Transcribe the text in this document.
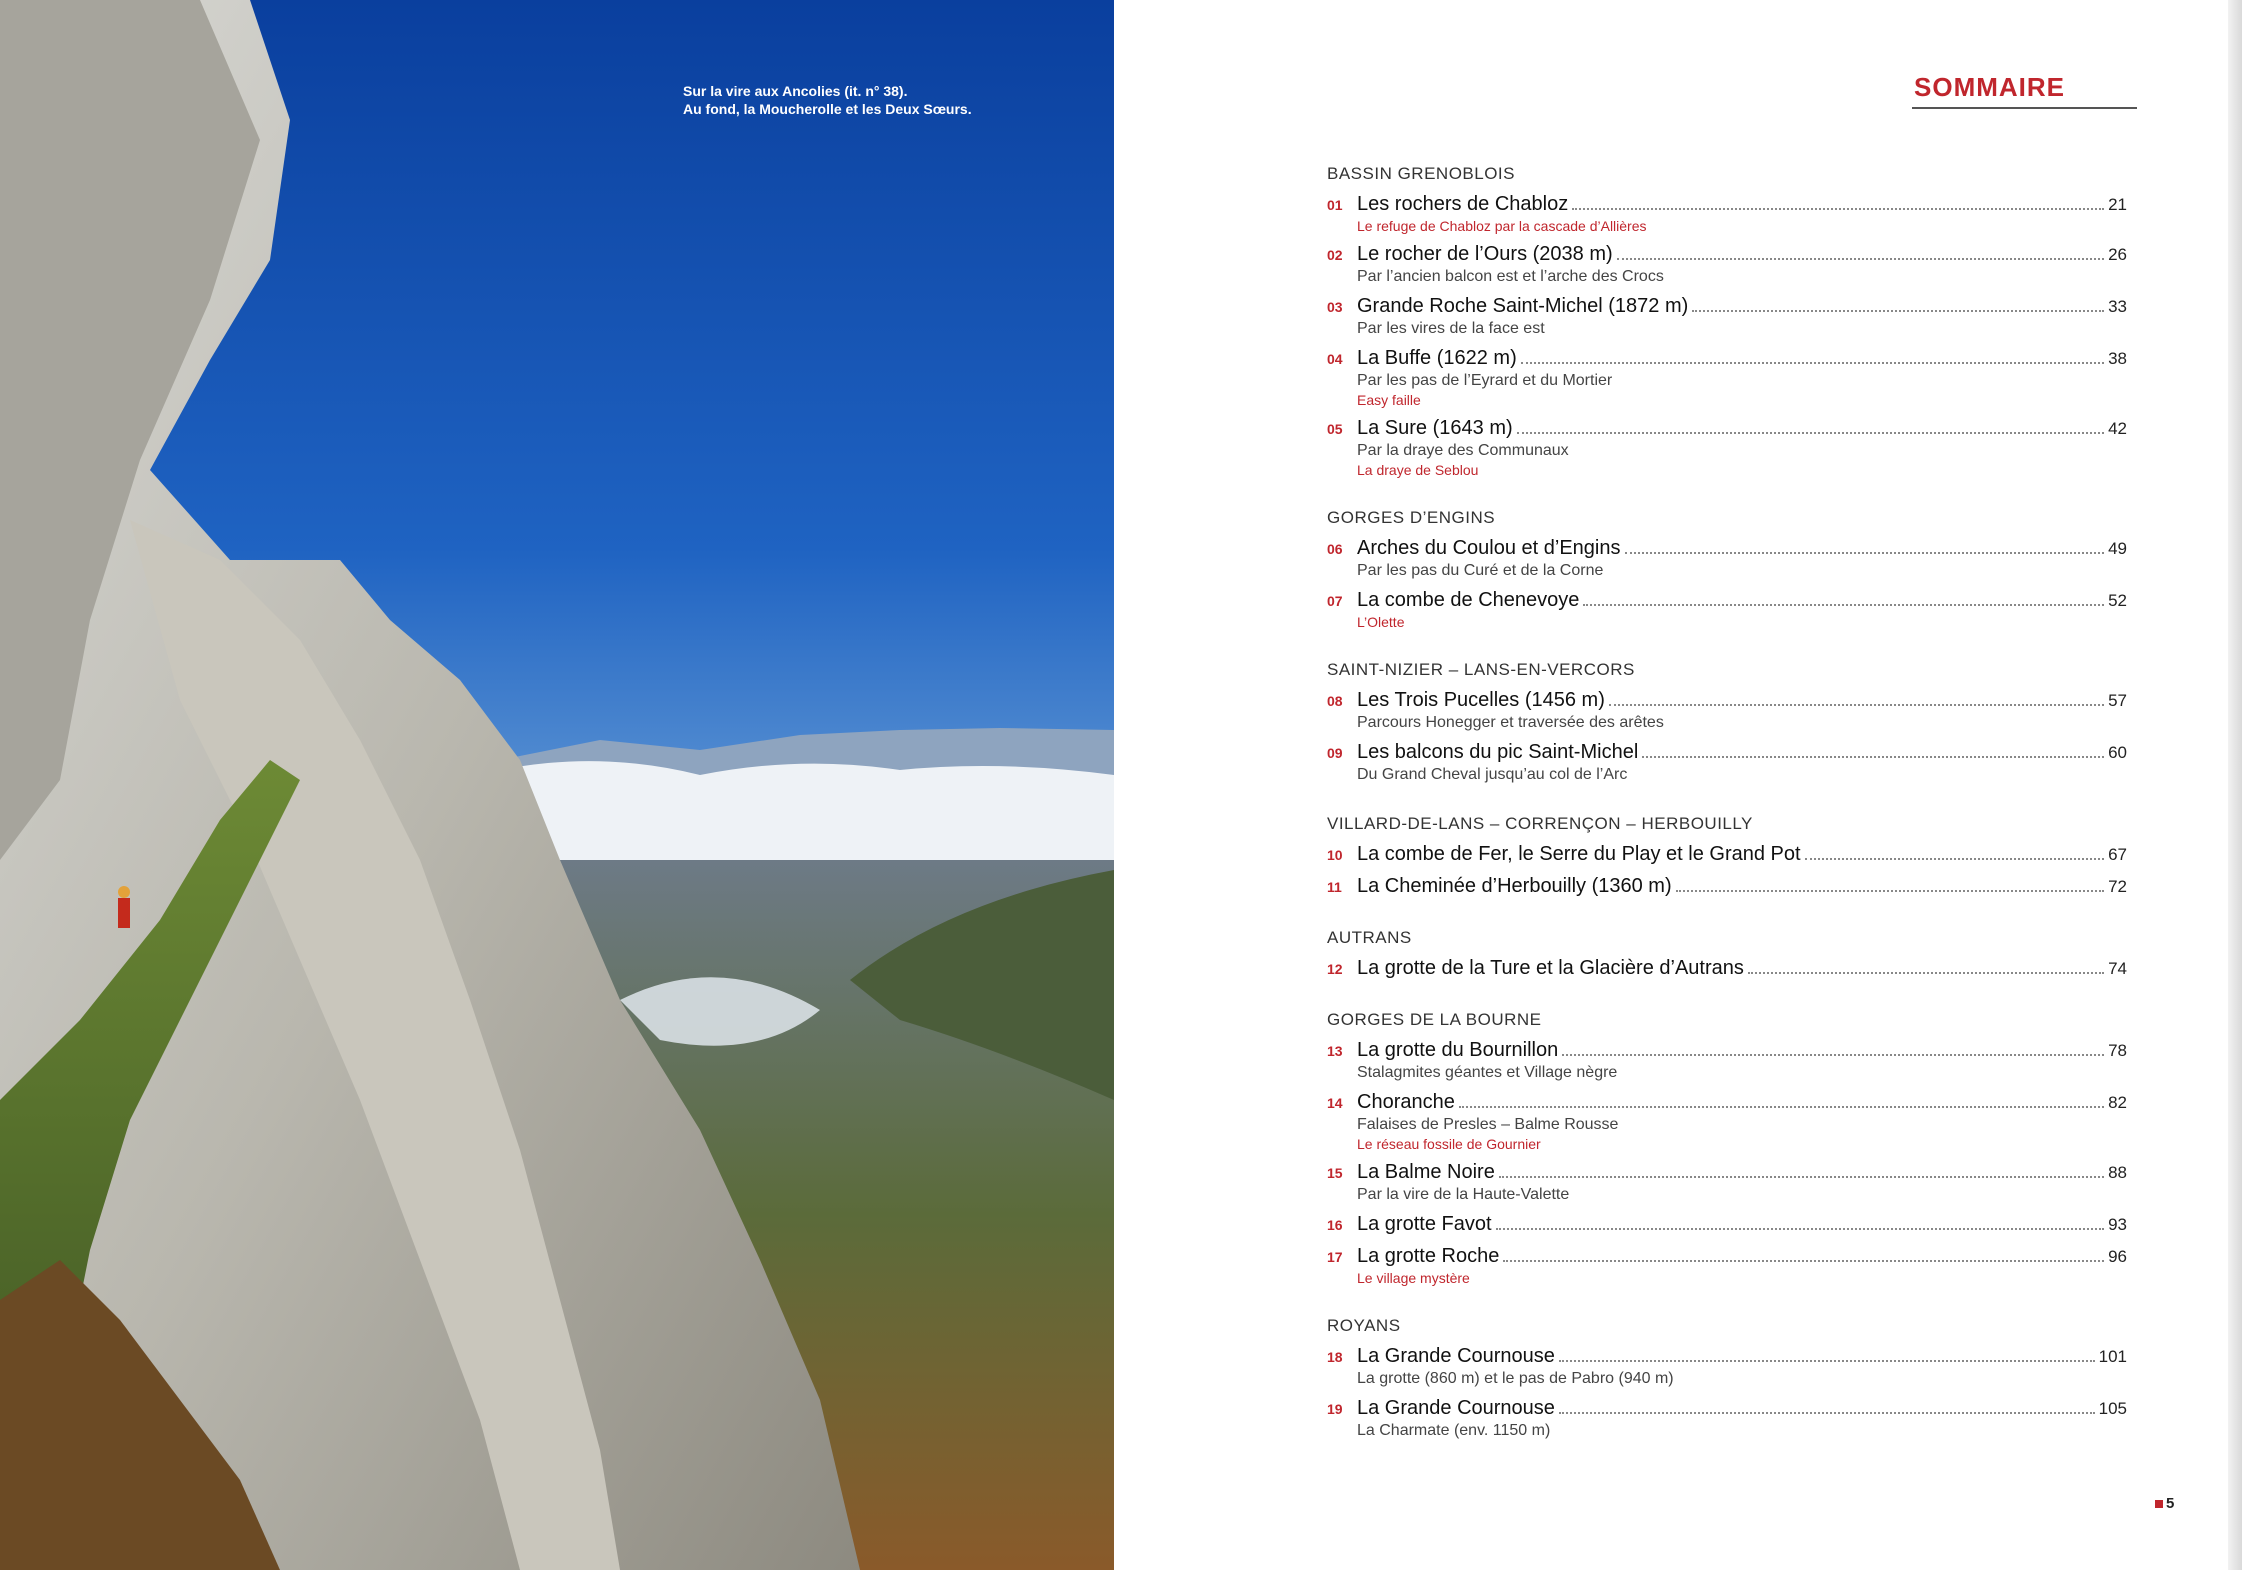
Sur la vire aux Ancolies (it. n° 38).
Au fond, la Moucherolle et les Deux Sœurs.
SOMMAIRE
BASSIN GRENOBLOIS
01 Les rochers de Chabloz	21
Le refuge de Chabloz par la cascade d’Allières
02 Le rocher de l’Ours (2038 m)	26
Par l’ancien balcon est et l’arche des Crocs
03 Grande Roche Saint-Michel (1872 m)	33
Par les vires de la face est
04 La Buffe (1622 m)	38
Par les pas de l’Eyrard et du Mortier
Easy faille
05 La Sure (1643 m)	42
Par la draye des Communaux
La draye de Seblou
GORGES D’ENGINS
06 Arches du Coulou et d’Engins	49
Par les pas du Curé et de la Corne
07 La combe de Chenevoye	52
L’Olette
SAINT-NIZIER – LANS-EN-VERCORS
08 Les Trois Pucelles (1456 m)	57
Parcours Honegger et traversée des arêtes
09 Les balcons du pic Saint-Michel	60
Du Grand Cheval jusqu’au col de l’Arc
VILLARD-DE-LANS – CORRENÇON – HERBOUILLY
10 La combe de Fer, le Serre du Play et le Grand Pot	67
11 La Cheminée d’Herbouilly (1360 m)	72
AUTRANS
12 La grotte de la Ture et la Glacière d’Autrans	74
GORGES DE LA BOURNE
13 La grotte du Bournillon	78
Stalagmites géantes et Village nègre
14 Choranche	82
Falaises de Presles – Balme Rousse
Le réseau fossile de Gournier
15 La Balme Noire	88
Par la vire de la Haute-Valette
16 La grotte Favot	93
17 La grotte Roche	96
Le village mystère
ROYANS
18 La Grande Cournouse	101
La grotte (860 m) et le pas de Pabro (940 m)
19 La Grande Cournouse	105
La Charmate (env. 1150 m)
5
